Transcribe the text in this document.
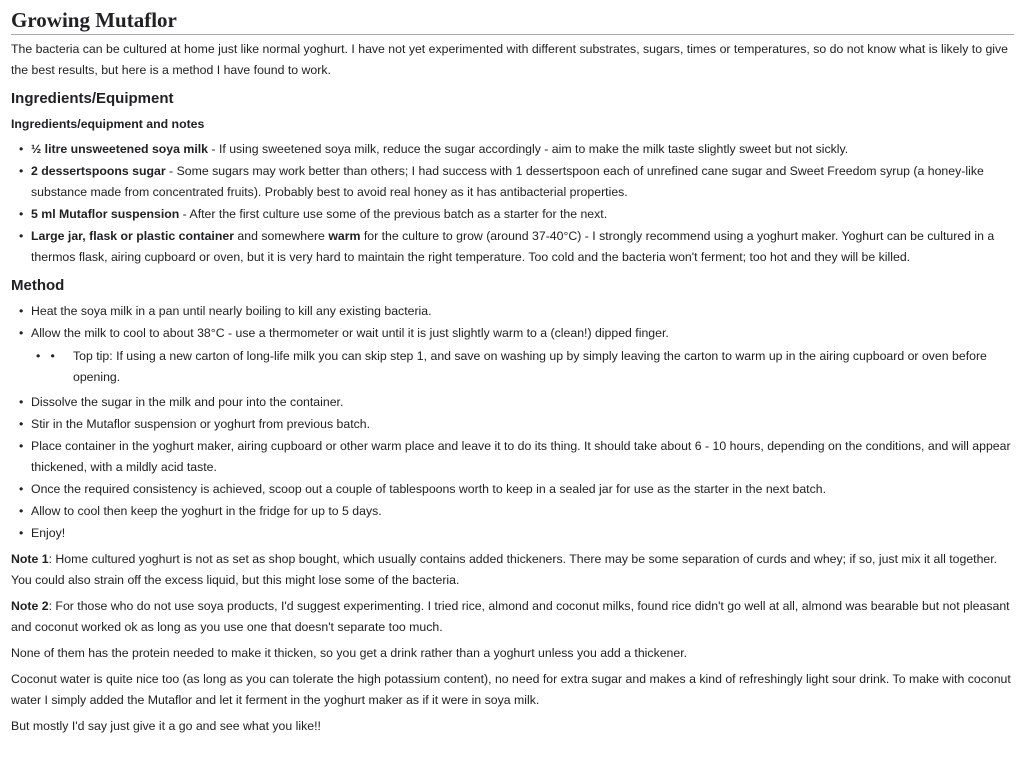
Growing Mutaflor

The bacteria can be cultured at home just like normal yoghurt. I have not yet experimented with different substrates, sugars, times or temperatures, so do not know what is likely to give the best results, but here is a method I have found to work.

Ingredients/Equipment
Ingredients/equipment and notes
• ½ litre unsweetened soya milk - If using sweetened soya milk, reduce the sugar accordingly - aim to make the milk taste slightly sweet but not sickly.
• 2 dessertspoons sugar - Some sugars may work better than others; I had success with 1 dessertspoon each of unrefined cane sugar and Sweet Freedom syrup (a honey-like substance made from concentrated fruits). Probably best to avoid real honey as it has antibacterial properties.
• 5 ml Mutaflor suspension - After the first culture use some of the previous batch as a starter for the next.
• Large jar, flask or plastic container and somewhere warm for the culture to grow (around 37-40°C) - I strongly recommend using a yoghurt maker. Yoghurt can be cultured in a thermos flask, airing cupboard or oven, but it is very hard to maintain the right temperature. Too cold and the bacteria won't ferment; too hot and they will be killed.
Method
• Heat the soya milk in a pan until nearly boiling to kill any existing bacteria.
• Allow the milk to cool to about 38°C - use a thermometer or wait until it is just slightly warm to a (clean!) dipped finger.
•   • Top tip: If using a new carton of long-life milk you can skip step 1, and save on washing up by simply leaving the carton to warm up in the airing cupboard or oven before opening.
• Dissolve the sugar in the milk and pour into the container.
• Stir in the Mutaflor suspension or yoghurt from previous batch.
• Place container in the yoghurt maker, airing cupboard or other warm place and leave it to do its thing. It should take about 6 - 10 hours, depending on the conditions, and will appear thickened, with a mildly acid taste.
• Once the required consistency is achieved, scoop out a couple of tablespoons worth to keep in a sealed jar for use as the starter in the next batch.
• Allow to cool then keep the yoghurt in the fridge for up to 5 days.
• Enjoy!

Note 1: Home cultured yoghurt is not as set as shop bought, which usually contains added thickeners. There may be some separation of curds and whey; if so, just mix it all together. You could also strain off the excess liquid, but this might lose some of the bacteria.

Note 2: For those who do not use soya products, I'd suggest experimenting. I tried rice, almond and coconut milks, found rice didn't go well at all, almond was bearable but not pleasant and coconut worked ok as long as you use one that doesn't separate too much.

None of them has the protein needed to make it thicken, so you get a drink rather than a yoghurt unless you add a thickener.

Coconut water is quite nice too (as long as you can tolerate the high potassium content), no need for extra sugar and makes a kind of refreshingly light sour drink. To make with coconut water I simply added the Mutaflor and let it ferment in the yoghurt maker as if it were in soya milk.

But mostly I'd say just give it a go and see what you like!!
